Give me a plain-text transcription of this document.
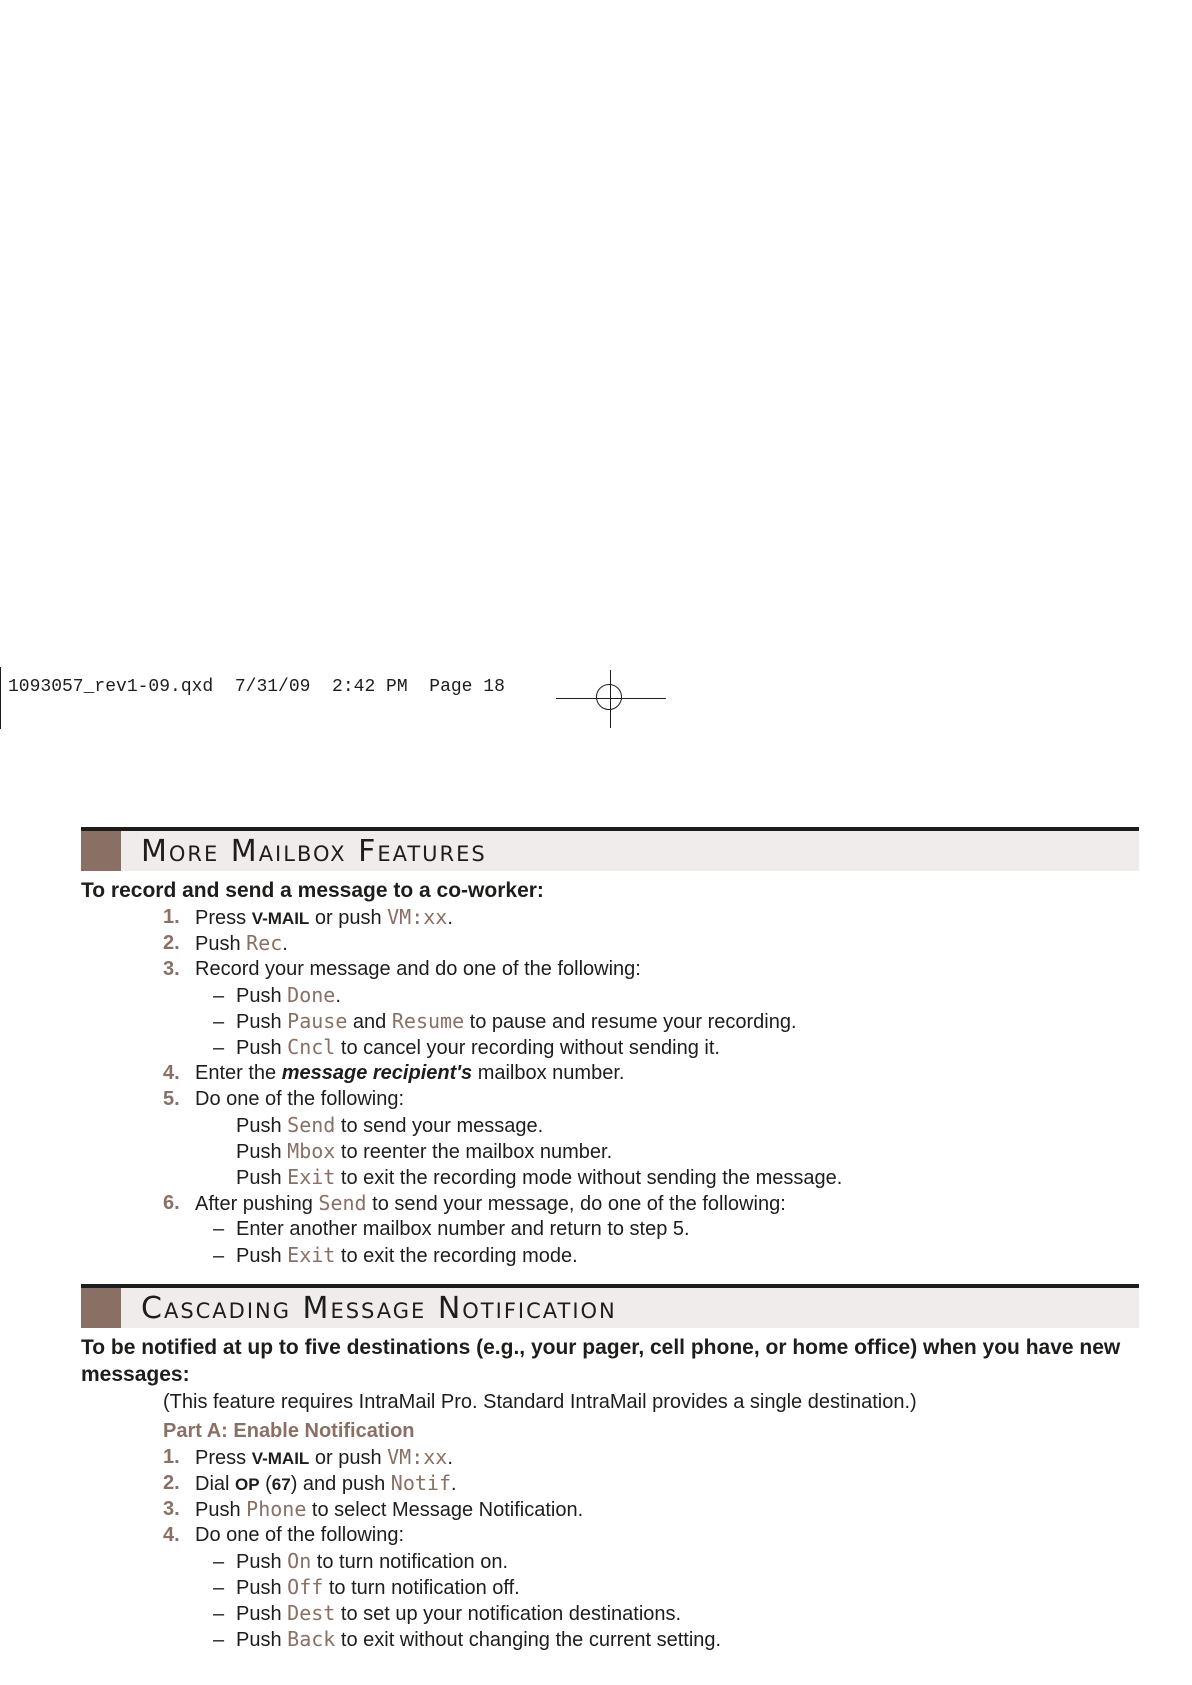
1093057_rev1-09.qxd  7/31/09  2:42 PM  Page 18
More Mailbox Features
To record and send a message to a co-worker:
1. Press V-MAIL or push VM:xx.
2. Push Rec.
3. Record your message and do one of the following:
– Push Done.
– Push Pause and Resume to pause and resume your recording.
– Push Cncl to cancel your recording without sending it.
4. Enter the message recipient's mailbox number.
5. Do one of the following:
Push Send to send your message.
Push Mbox to reenter the mailbox number.
Push Exit to exit the recording mode without sending the message.
6. After pushing Send to send your message, do one of the following:
– Enter another mailbox number and return to step 5.
– Push Exit to exit the recording mode.
Cascading Message Notification
To be notified at up to five destinations (e.g., your pager, cell phone, or home office) when you have new messages:
(This feature requires IntraMail Pro. Standard IntraMail provides a single destination.)
Part A: Enable Notification
1. Press V-MAIL or push VM:xx.
2. Dial OP (67) and push Notif.
3. Push Phone to select Message Notification.
4. Do one of the following:
– Push On to turn notification on.
– Push Off to turn notification off.
– Push Dest to set up your notification destinations.
– Push Back to exit without changing the current setting.
